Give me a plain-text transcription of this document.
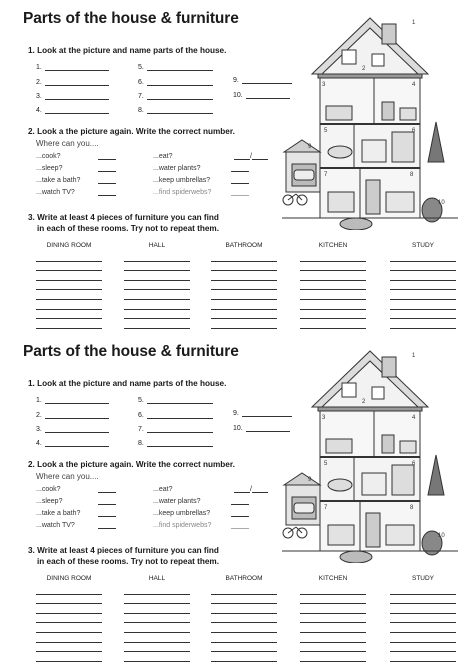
Parts of the house & furniture
1. Look at the picture and name parts of the house.
1.
2.
3.
4.
5.
6.
7.
8.
9.
10.
2. Look a the picture again. Write the correct number.
Where can you....
...cook?
...sleep?
...take a bath?
...watch TV?
...eat?	/
...water plants?
...keep umbrellas?
...find spiderwebs?
3. Write at least 4 pieces of furniture you can find
in each of these rooms. Try not to repeat them.
1
2
3	4
5	6
7	8
9
10
DINING ROOM	HALL	BATHROOM	KITCHEN	STUDY
Parts of the house & furniture
1. Look at the picture and name parts of the house.
1.
2.
3.
4.
5.
6.
7.
8.
9.
10.
2. Look a the picture again. Write the correct number.
Where can you....
...cook?
...sleep?
...take a bath?
...watch TV?
...eat?	/
...water plants?
...keep umbrellas?
...find spiderwebs?
3. Write at least 4 pieces of furniture you can find
in each of these rooms. Try not to repeat them.
1
2
3	4
5	6
7	8
9
10
DINING ROOM	HALL	BATHROOM	KITCHEN	STUDY
